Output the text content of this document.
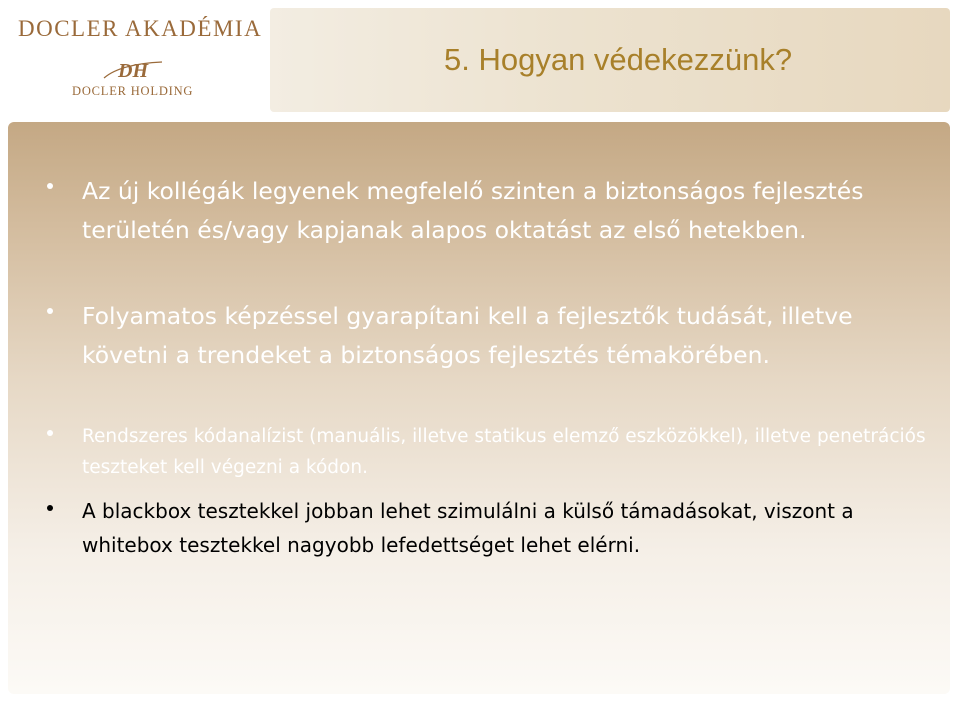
DOCLER AKADÉMIA
DH
DOCLER HOLDING
5. Hogyan védekezzünk?

Az új kollégák legyenek megfelelő szinten a biztonságos fejlesztés területén és/vagy kapjanak alapos oktatást az első hetekben.

Folyamatos képzéssel gyarapítani kell a fejlesztők tudását, illetve követni a trendeket a biztonságos fejlesztés témakörében.

Rendszeres kódanalízist (manuális, illetve statikus elemző eszközökkel), illetve penetrációs teszteket kell végezni a kódon.

A blackbox tesztekkel jobban lehet szimulálni a külső támadásokat, viszont a whitebox tesztekkel nagyobb lefedettséget lehet elérni.
